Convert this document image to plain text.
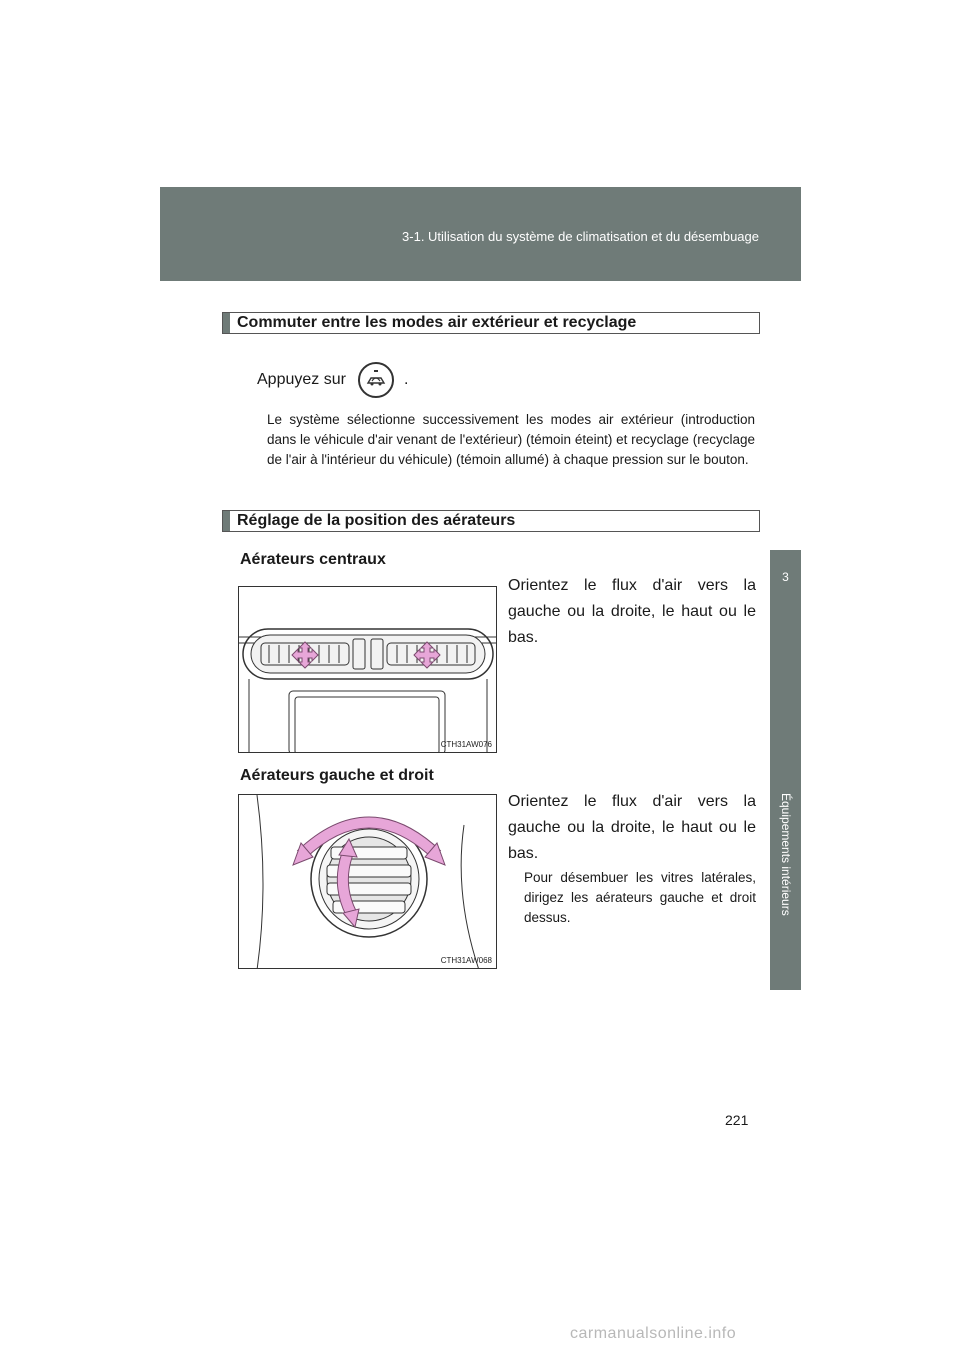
3-1. Utilisation du système de climatisation et du désembuage
3
Équipements intérieurs
Commuter entre les modes air extérieur et recyclage
Appuyez sur	.
Le système sélectionne successivement les modes air extérieur (introduction dans le véhicule d'air venant de l'extérieur) (témoin éteint) et recyclage (recyclage de l'air à l'intérieur du véhicule) (témoin allumé) à chaque pression sur le bouton.
Réglage de la position des aérateurs
Aérateurs centraux
CTH31AW076
Orientez le flux d'air vers la gauche ou la droite, le haut ou le bas.
Aérateurs gauche et droit
CTH31AW068
Orientez le flux d'air vers la gauche ou la droite, le haut ou le bas.
Pour désembuer les vitres latérales, dirigez les aérateurs gauche et droit dessus.
221
carmanualsonline.info
